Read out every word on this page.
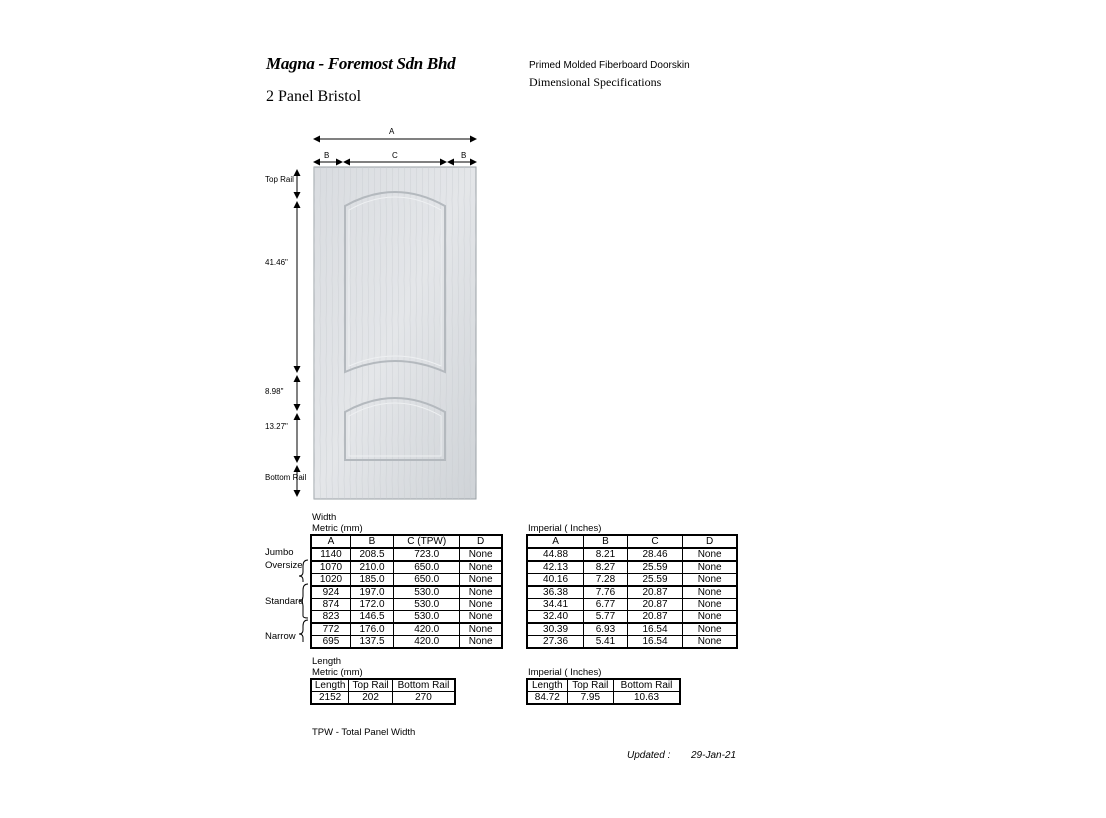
Magna - Foremost Sdn Bhd
2 Panel Bristol
Primed Molded Fiberboard Doorskin
Dimensional Specifications
A
B	C	B
Top Rail
41.46"
8.98"
13.27"
Bottom Rail
Width
Metric (mm)	Imperial ( Inches)
Jumbo
Oversize
Standard
Narrow
A	B	C (TPW)	D
1140	208.5	723.0	None
1070	210.0	650.0	None
1020	185.0	650.0	None
924	197.0	530.0	None
874	172.0	530.0	None
823	146.5	530.0	None
772	176.0	420.0	None
695	137.5	420.0	None
A	B	C	D
44.88	8.21	28.46	None
42.13	8.27	25.59	None
40.16	7.28	25.59	None
36.38	7.76	20.87	None
34.41	6.77	20.87	None
32.40	5.77	20.87	None
30.39	6.93	16.54	None
27.36	5.41	16.54	None
Length
Metric (mm)	Imperial ( Inches)
Length	Top Rail	Bottom Rail
2152	202	270
Length	Top Rail	Bottom Rail
84.72	7.95	10.63
TPW - Total Panel Width
Updated : 29-Jan-21
